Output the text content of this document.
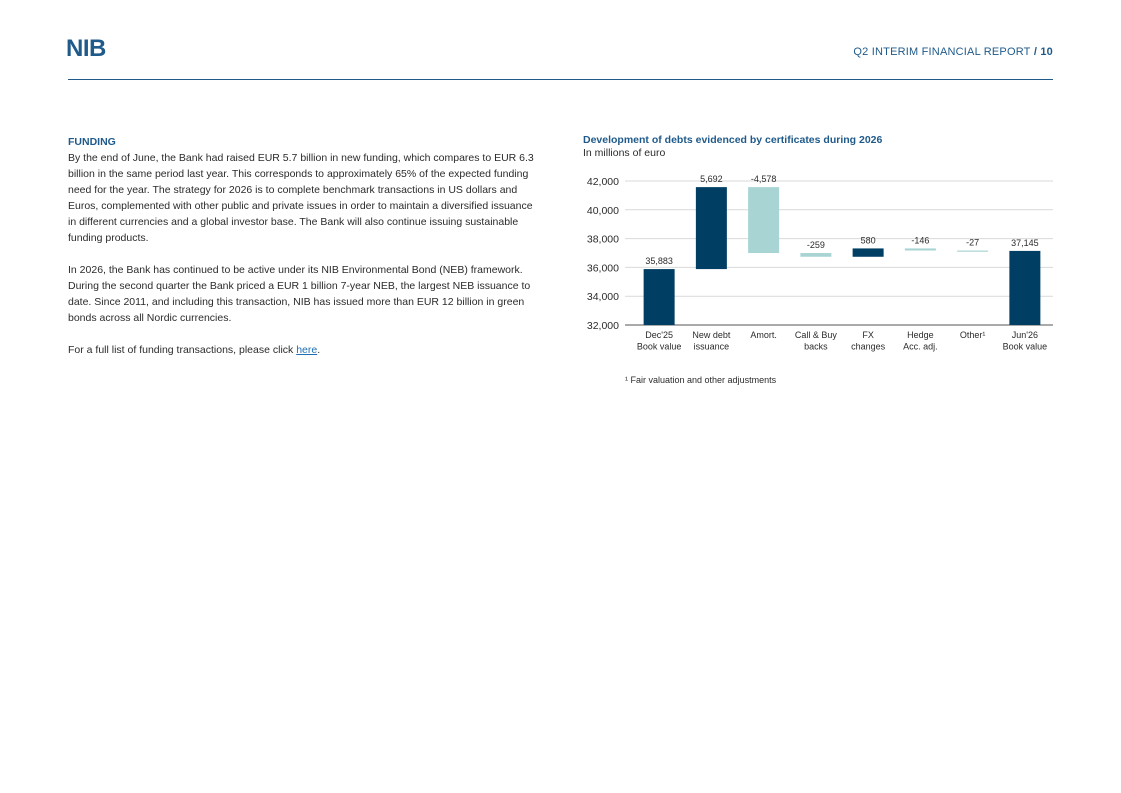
NIB	Q2 INTERIM FINANCIAL REPORT / 10
FUNDING

By the end of June, the Bank had raised EUR 5.7 billion in new funding, which compares to EUR 6.3 billion in the same period last year. This corresponds to approximately 65% of the expected funding need for the year. The strategy for 2026 is to complete benchmark transactions in US dollars and Euros, complemented with other public and private issues in order to maintain a diversified issuance in different currencies and a global investor base. The Bank will also continue issuing sustainable funding products.

In 2026, the Bank has continued to be active under its NIB Environmental Bond (NEB) framework. During the second quarter the Bank priced a EUR 1 billion 7-year NEB, the largest NEB issuance to date. Since 2011, and including this transaction, NIB has issued more than EUR 12 billion in green bonds across all Nordic currencies.

For a full list of funding transactions, please click here.

Development of debts evidenced by certificates during 2026

In millions of euro

32,000
34,000
36,000
38,000
40,000
42,000
35,883
Dec'25
Book value
5,692
New debt
issuance
-4,578
Amort.
-259
Call & Buy
backs
580
FX
changes
-146
Hedge
Acc. adj.
-27
Other¹
37,145
Jun'26
Book value
¹ Fair valuation and other adjustments
